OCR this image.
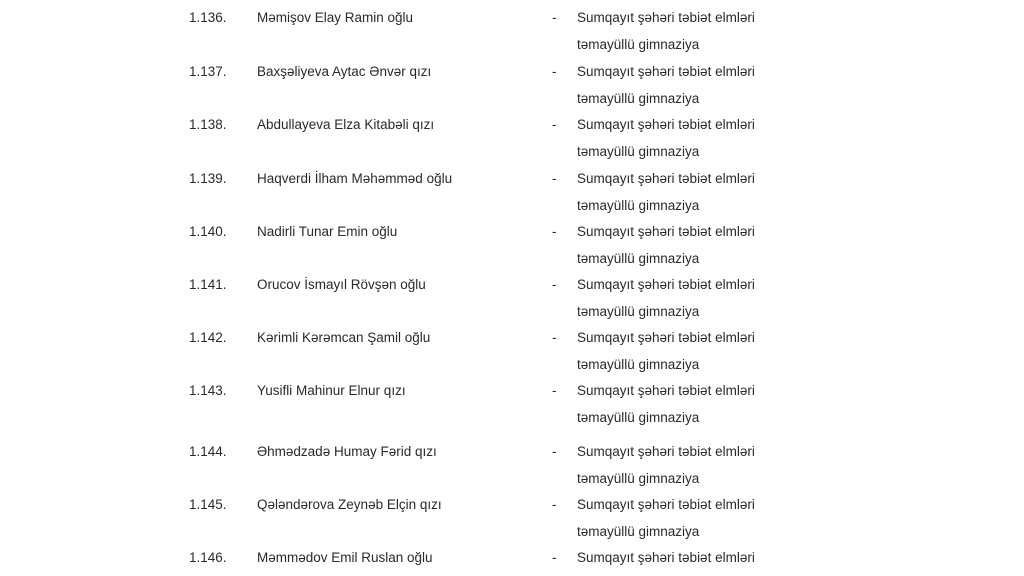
1.136. Məmişov Elay Ramin oğlu	- Sumqayıt şəhəri təbiət elmləri
təmayüllü gimnaziya
1.137. Baxşəliyeva Aytac Ənvər qızı	- Sumqayıt şəhəri təbiət elmləri
təmayüllü gimnaziya
1.138. Abdullayeva Elza Kitabəli qızı	- Sumqayıt şəhəri təbiət elmləri
təmayüllü gimnaziya
1.139. Haqverdi İlham Məhəmməd oğlu	- Sumqayıt şəhəri təbiət elmləri
təmayüllü gimnaziya
1.140. Nadirli Tunar Emin oğlu	- Sumqayıt şəhəri təbiət elmləri
təmayüllü gimnaziya
1.141. Orucov İsmayıl Rövşən oğlu	- Sumqayıt şəhəri təbiət elmləri
təmayüllü gimnaziya
1.142. Kərimli Kərəmcan Şamil oğlu	- Sumqayıt şəhəri təbiət elmləri
təmayüllü gimnaziya
1.143. Yusifli Mahinur Elnur qızı	- Sumqayıt şəhəri təbiət elmləri
təmayüllü gimnaziya
1.144. Əhmədzadə Humay Fərid qızı	- Sumqayıt şəhəri təbiət elmləri
təmayüllü gimnaziya
1.145. Qələndərova Zeynəb Elçin qızı	- Sumqayıt şəhəri təbiət elmləri
təmayüllü gimnaziya
1.146. Məmmədov Emil Ruslan oğlu	- Sumqayıt şəhəri təbiət elmləri
